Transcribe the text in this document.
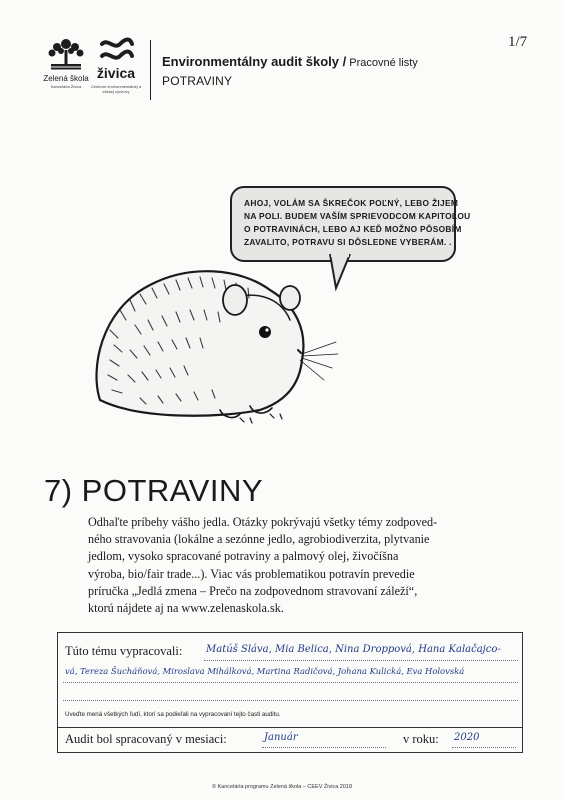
Zelená škola
Kancelária Živica
živica
Centrum environmentálnej a etickej výchovy
Environmentálny audit školy / Pracovné listy
POTRAVINY
1/7
AHOJ, VOLÁM SA ŠKREČOK POĽNÝ, LEBO ŽIJEM
NA POLI. BUDEM VAŠÍM SPRIEVODCOM KAPITOLOU
O POTRAVINÁCH, LEBO AJ KEĎ MOŽNO PÔSOBÍM
ZAVALITO, POTRAVU SI DÔSLEDNE VYBERÁM. .
7) POTRAVINY
Odhaľte príbehy vášho jedla. Otázky pokrývajú všetky témy zodpoved-
ného stravovania (lokálne a sezónne jedlo, agrobiodiverzita, plytvanie
jedlom, vysoko spracované potraviny a palmový olej, živočíšna
výroba, bio/fair trade...). Viac vás problematikou potravín prevedie
príručka „Jedlá zmena – Prečo na zodpovednom stravovaní záleží“,
ktorú nájdete aj na www.zelenaskola.sk.
Túto tému vypracovali: Matúš Sláva, Mia Belica, Nina Droppová, Hana Kalačajco-
vá, Tereza Šucháňová, Miroslava Mihálková, Martina Radičová, Johana Kulická, Eva Holovská
Uveďte mená všetkých ľudí, ktorí sa podieľali na vypracovaní tejto časti auditu.
Audit bol spracovaný v mesiaci:	Január	v roku: 2020
© Kancelária programu Zelená škola – CEEV Živica 2018
